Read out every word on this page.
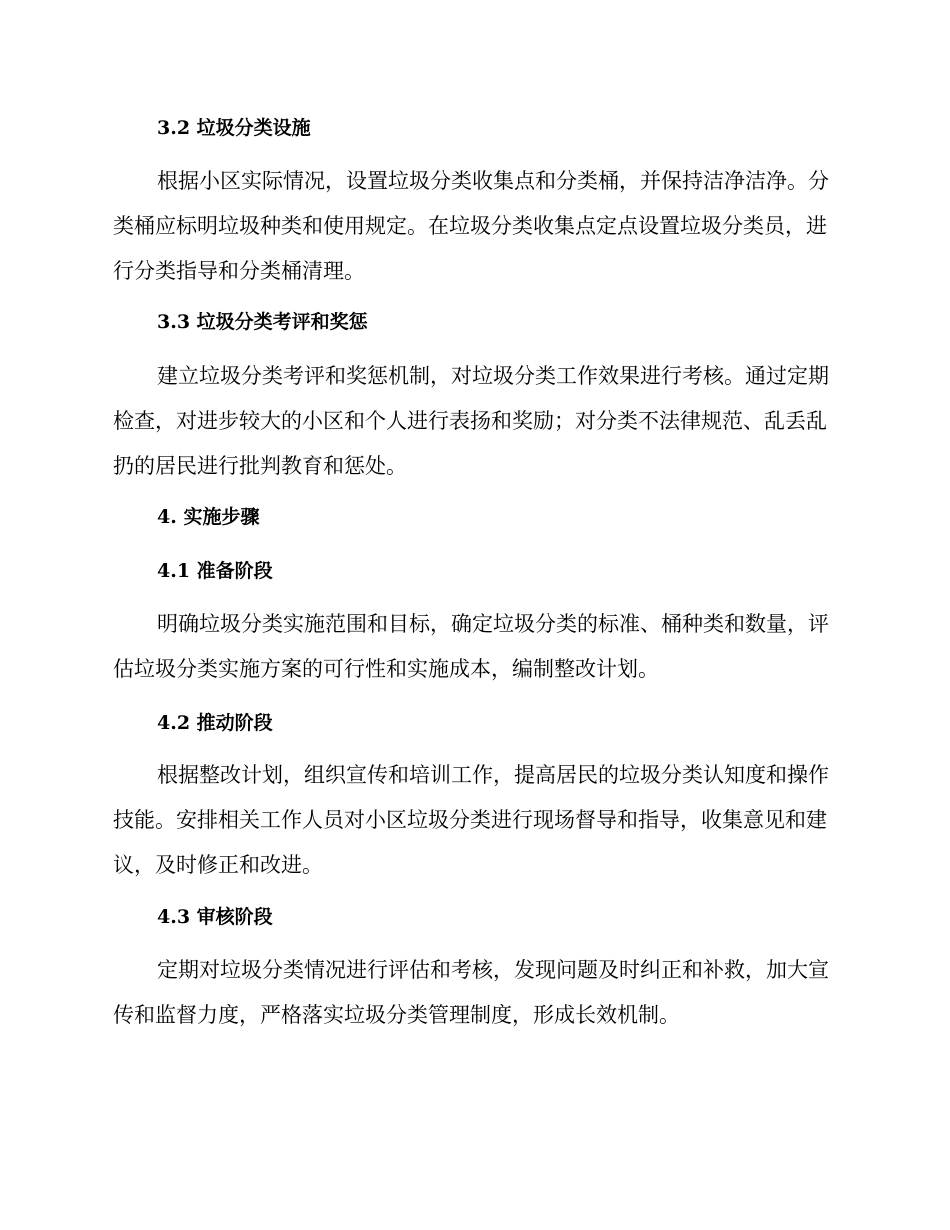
3.2 垃圾分类设施

根据小区实际情况，设置垃圾分类收集点和分类桶，并保持洁净洁净。分类桶应标明垃圾种类和使用规定。在垃圾分类收集点定点设置垃圾分类员，进行分类指导和分类桶清理。

3.3 垃圾分类考评和奖惩

建立垃圾分类考评和奖惩机制，对垃圾分类工作效果进行考核。通过定期检查，对进步较大的小区和个人进行表扬和奖励；对分类不法律规范、乱丢乱扔的居民进行批判教育和惩处。

4. 实施步骤
4.1 准备阶段

明确垃圾分类实施范围和目标，确定垃圾分类的标准、桶种类和数量，评估垃圾分类实施方案的可行性和实施成本，编制整改计划。

4.2 推动阶段

根据整改计划，组织宣传和培训工作，提高居民的垃圾分类认知度和操作技能。安排相关工作人员对小区垃圾分类进行现场督导和指导，收集意见和建议，及时修正和改进。

4.3 审核阶段

定期对垃圾分类情况进行评估和考核，发现问题及时纠正和补救，加大宣传和监督力度，严格落实垃圾分类管理制度，形成长效机制。
